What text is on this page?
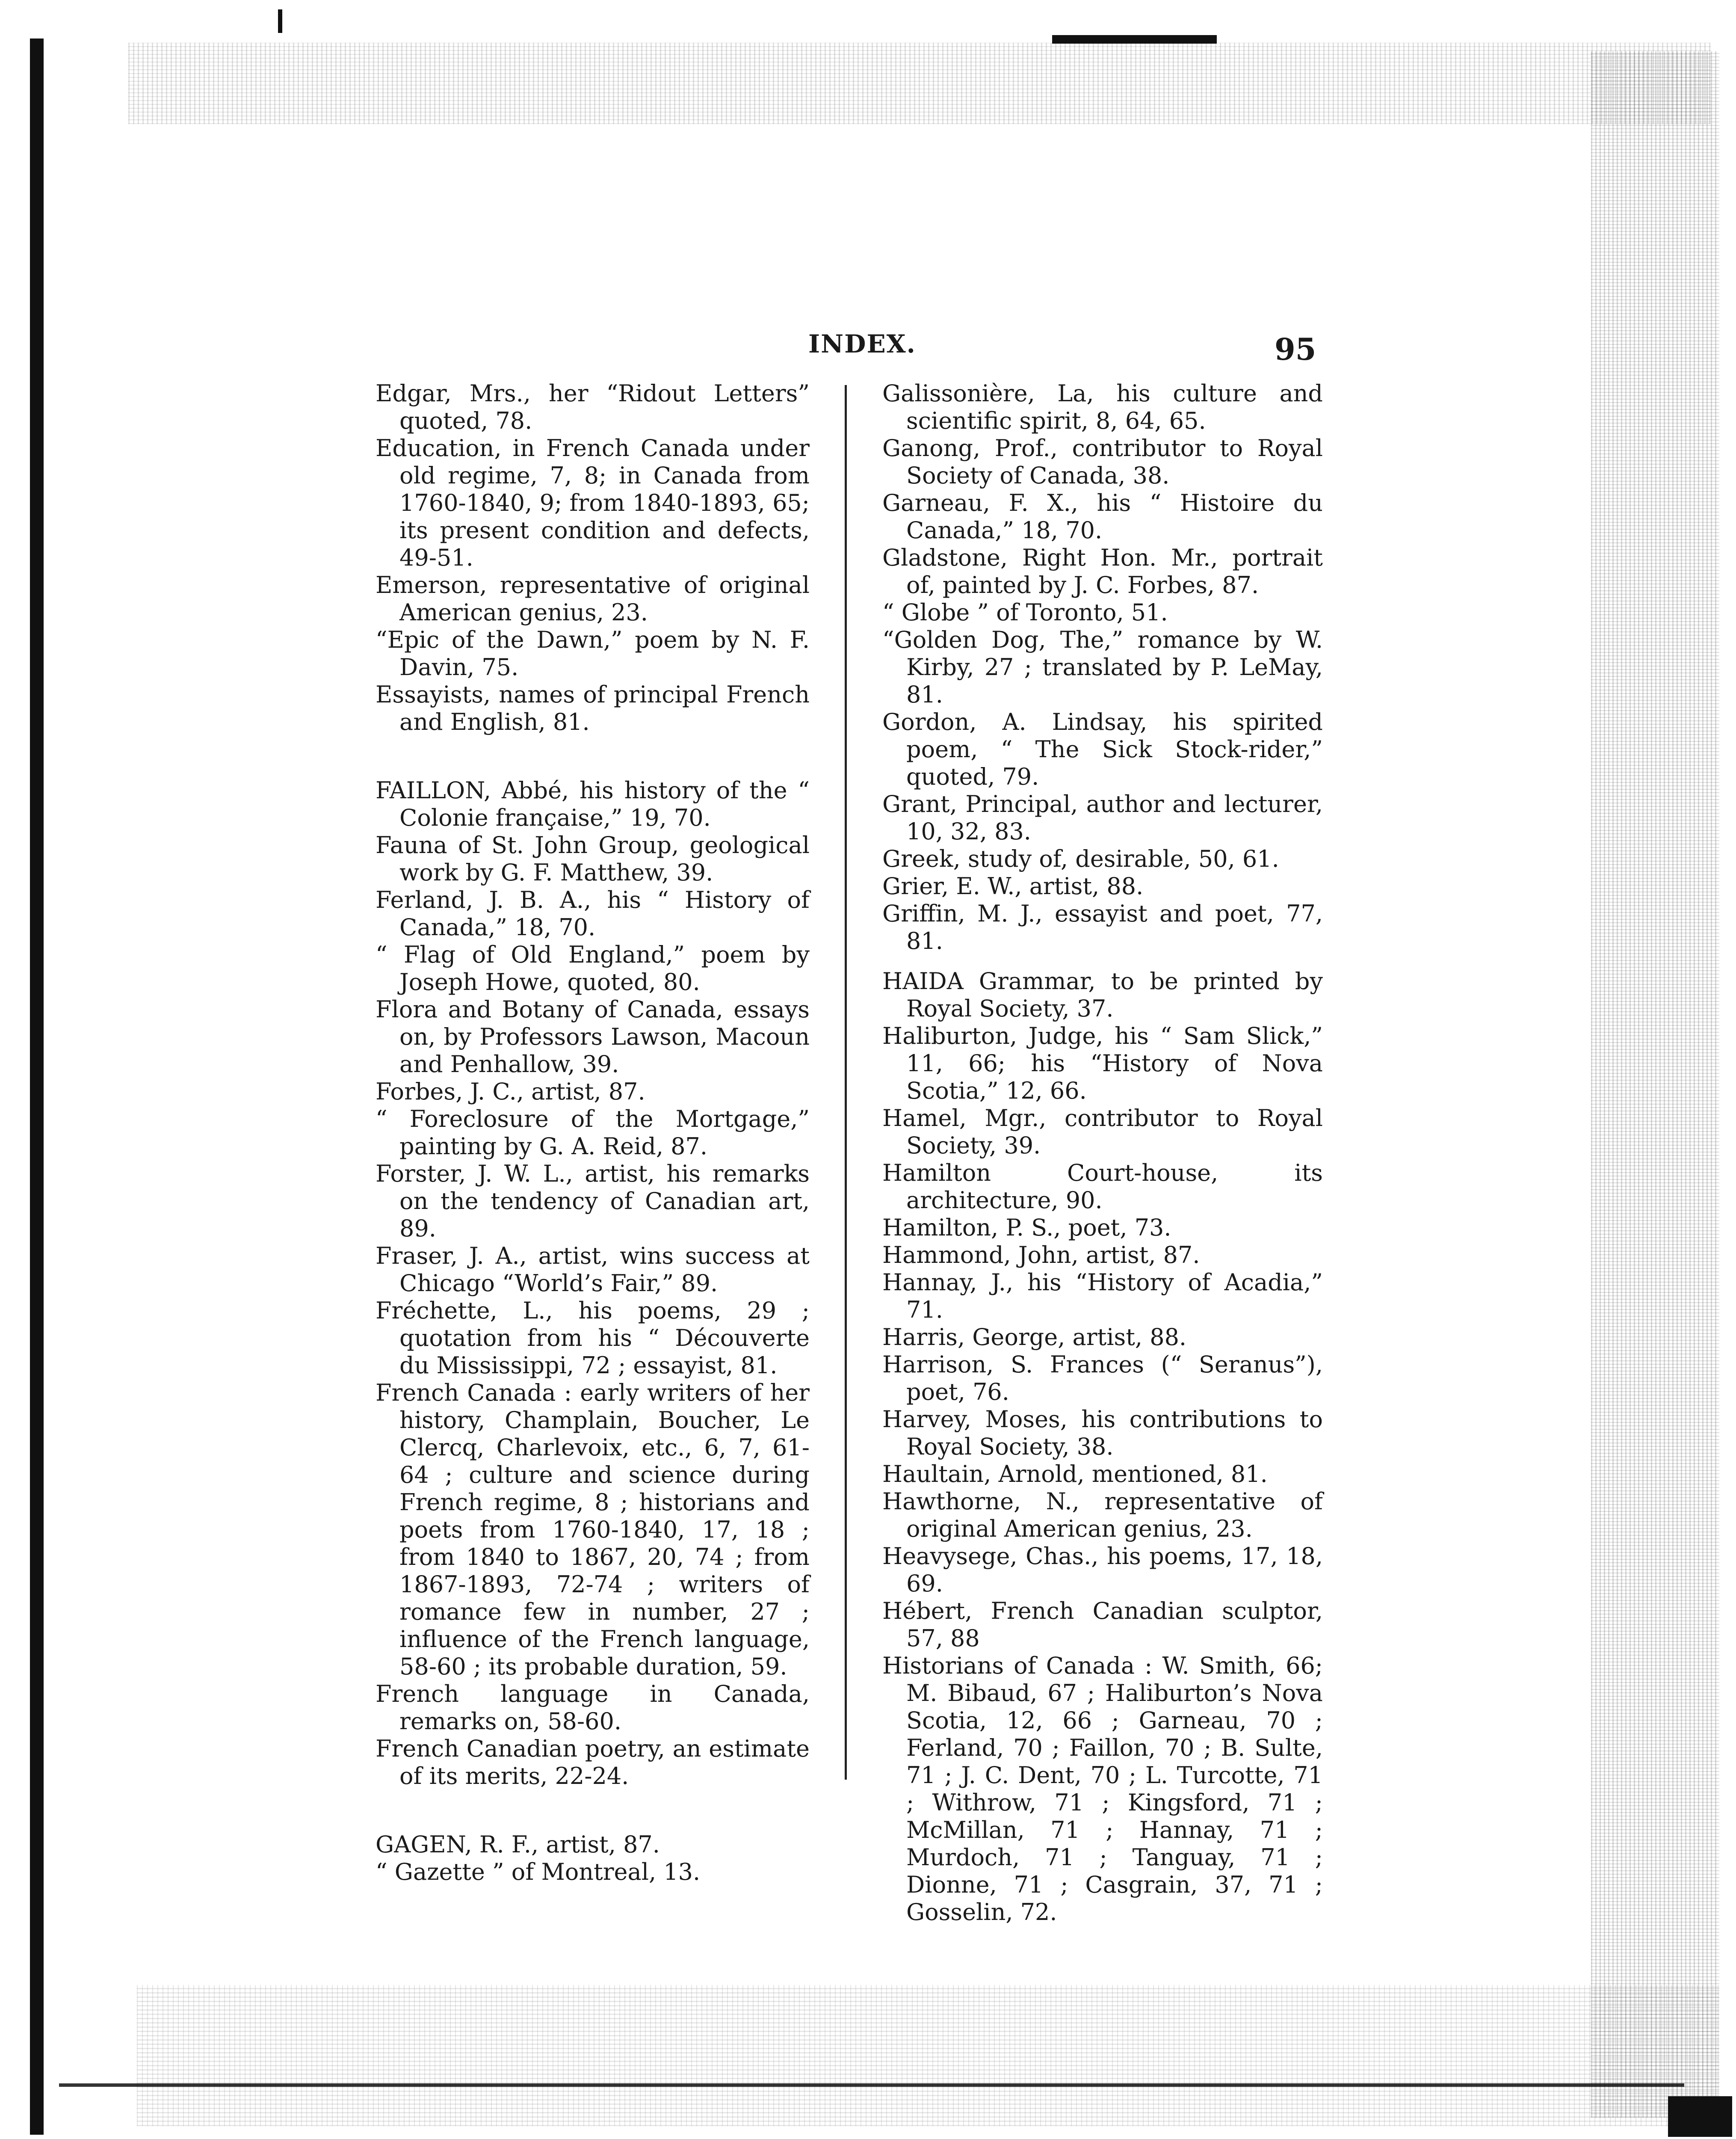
INDEX.	95

Edgar, Mrs., her “Ridout Letters” quoted, 78.

Education, in French Canada under old regime, 7, 8; in Canada from 1760-1840, 9; from 1840-1893, 65; its present condition and defects, 49-51.

Emerson, representative of original American genius, 23.

“Epic of the Dawn,” poem by N. F. Davin, 75.

Essayists, names of principal French and English, 81.

FAILLON, Abbé, his history of the “ Colonie française,” 19, 70.

Fauna of St. John Group, geological work by G. F. Matthew, 39.

Ferland, J. B. A., his “ History of Canada,” 18, 70.

“ Flag of Old England,” poem by Joseph Howe, quoted, 80.

Flora and Botany of Canada, essays on, by Professors Lawson, Macoun and Penhallow, 39.

Forbes, J. C., artist, 87.

“ Foreclosure of the Mortgage,” painting by G. A. Reid, 87.

Forster, J. W. L., artist, his remarks on the tendency of Canadian art, 89.

Fraser, J. A., artist, wins success at Chicago “World’s Fair,” 89.

Fréchette, L., his poems, 29 ; quotation from his “ Découverte du Mississippi, 72 ; essayist, 81.

French Canada : early writers of her history, Champlain, Boucher, Le Clercq, Charlevoix, etc., 6, 7, 61-64 ; culture and science during French regime, 8 ; historians and poets from 1760-1840, 17, 18 ; from 1840 to 1867, 20, 74 ; from 1867-1893, 72-74 ; writers of romance few in number, 27 ; influence of the French language, 58-60 ; its probable duration, 59.

French language in Canada, remarks on, 58-60.

French Canadian poetry, an estimate of its merits, 22-24.

GAGEN, R. F., artist, 87.

“ Gazette ” of Montreal, 13.

Galissonière, La, his culture and scientific spirit, 8, 64, 65.

Ganong, Prof., contributor to Royal Society of Canada, 38.

Garneau, F. X., his “ Histoire du Canada,” 18, 70.

Gladstone, Right Hon. Mr., portrait of, painted by J. C. Forbes, 87.

“ Globe ” of Toronto, 51.

“Golden Dog, The,” romance by W. Kirby, 27 ; translated by P. LeMay, 81.

Gordon, A. Lindsay, his spirited poem, “ The Sick Stock-rider,” quoted, 79.

Grant, Principal, author and lecturer, 10, 32, 83.

Greek, study of, desirable, 50, 61.

Grier, E. W., artist, 88.

Griffin, M. J., essayist and poet, 77, 81.

HAIDA Grammar, to be printed by Royal Society, 37.

Haliburton, Judge, his “ Sam Slick,” 11, 66; his “History of Nova Scotia,” 12, 66.

Hamel, Mgr., contributor to Royal Society, 39.

Hamilton Court-house, its architecture, 90.

Hamilton, P. S., poet, 73.

Hammond, John, artist, 87.

Hannay, J., his “History of Acadia,” 71.

Harris, George, artist, 88.

Harrison, S. Frances (“ Seranus”), poet, 76.

Harvey, Moses, his contributions to Royal Society, 38.

Haultain, Arnold, mentioned, 81.

Hawthorne, N., representative of original American genius, 23.

Heavysege, Chas., his poems, 17, 18, 69.

Hébert, French Canadian sculptor, 57, 88

Historians of Canada : W. Smith, 66; M. Bibaud, 67 ; Haliburton’s Nova Scotia, 12, 66 ; Garneau, 70 ; Ferland, 70 ; Faillon, 70 ; B. Sulte, 71 ; J. C. Dent, 70 ; L. Turcotte, 71 ; Withrow, 71 ; Kingsford, 71 ; McMillan, 71 ; Hannay, 71 ; Murdoch, 71 ; Tanguay, 71 ; Dionne, 71 ; Casgrain, 37, 71 ; Gosselin, 72.
